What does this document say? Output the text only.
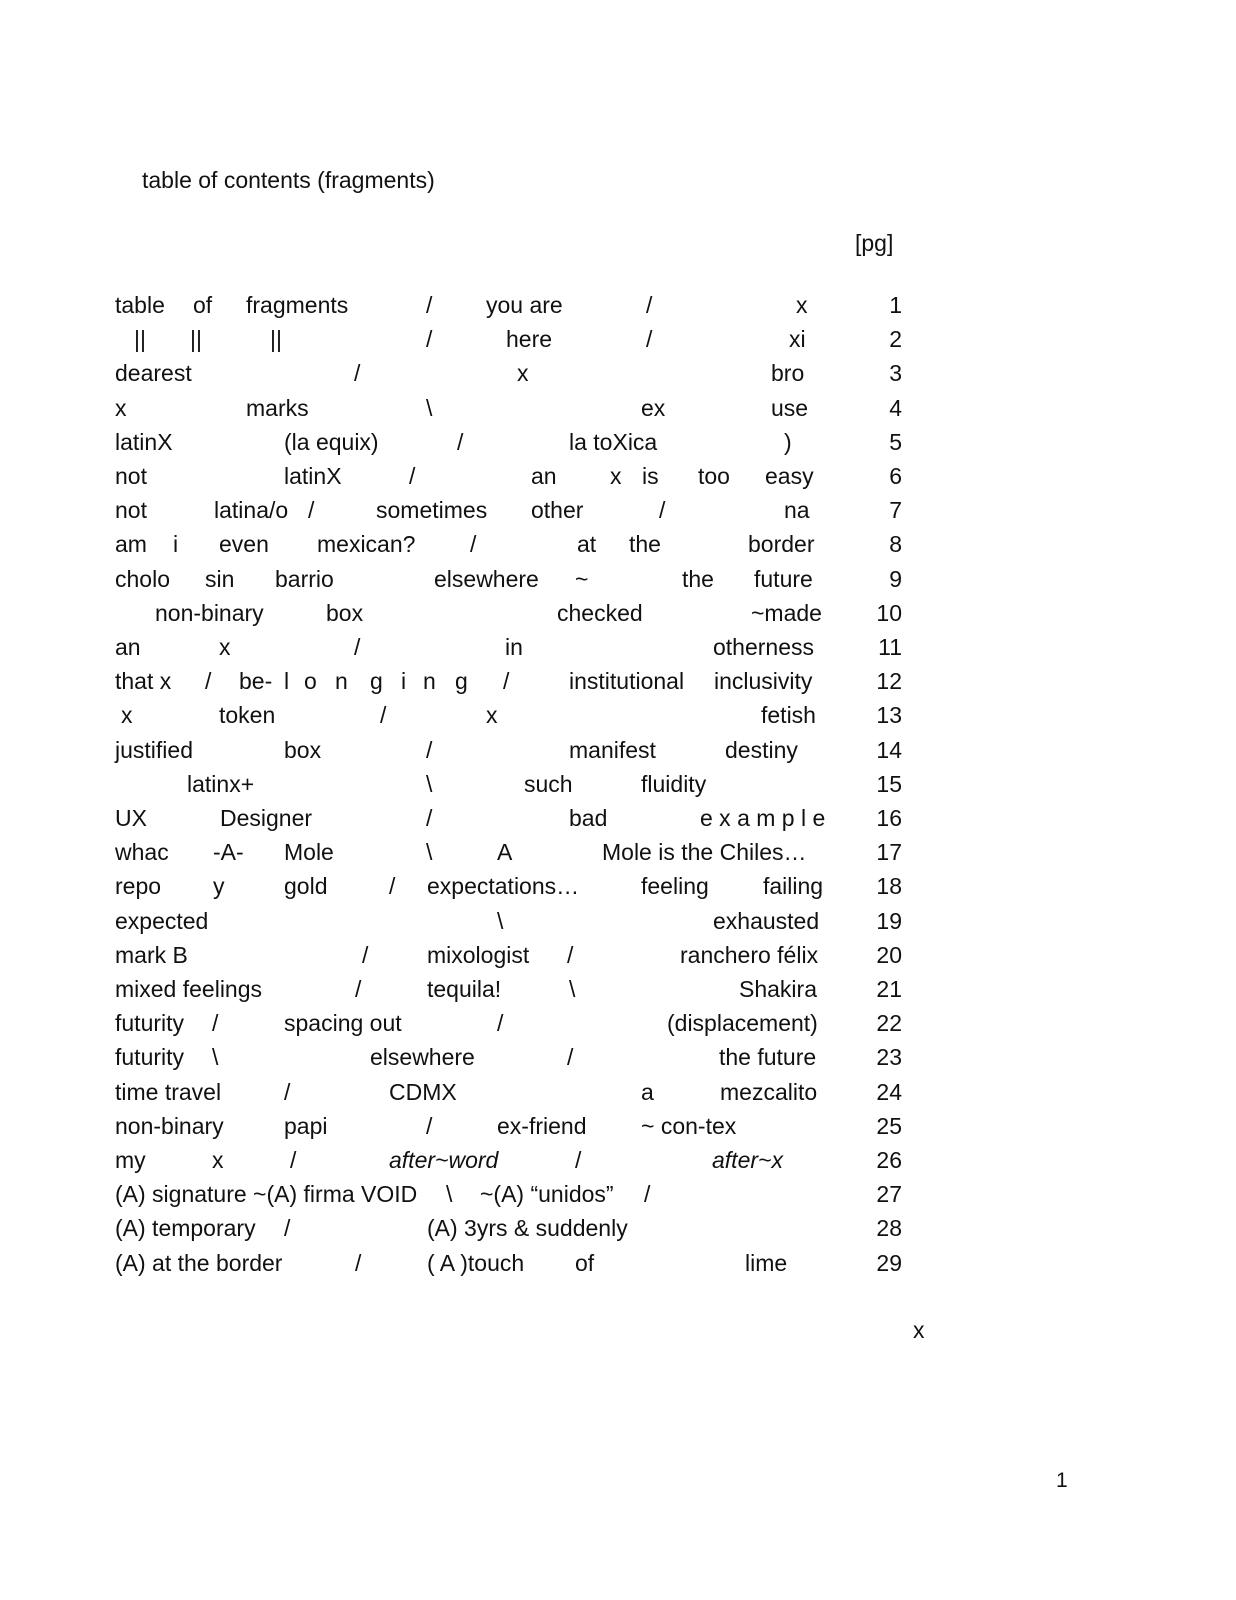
table of contents (fragments)
[pg]
table of fragments	/ you are	/	x	1
|| ||	||	/	here	/	xi	2
dearest	/	x	bro	3
x	marks	\	ex	use	4
latinX	(la equix)	/	la toXica	)	5
not	latinX	/	an x is too easy	6
not	latina/o /	sometimes other	/	na	7
am i even mexican? /	at the	border	8
cholo sin barrio	elsewhere ~	the future	9
non-binary	box	checked	~made 10
an	x	/	in	otherness	11
that x / be- l o n g i n g /	institutional inclusivity	12
x	token	/	x	fetish	13
justified	box	/	manifest	destiny	14
latinx+	\	such	fluidity	15
UX	Designer	/	bad	e x a m p l e 16
whac -A- Mole	\	A	Mole is the Chiles…	17
repo y	gold	/ expectations…	feeling failing 18
expected	\	exhausted 19
mark B	/	mixologist /	ranchero félix	20
mixed feelings	/	tequila!	\	Shakira	21
futurity /	spacing out	/	(displacement)	22
futurity \	elsewhere	/	the future	23
time travel	/	CDMX	a	mezcalito	24
non-binary	papi	/	ex-friend ~ con-tex	25
my	x	/	after~word	/	after~x	26
(A) signature ~(A) firma VOID \ ~(A) “unidos” /	27
(A) temporary /	(A) 3yrs & suddenly	28
(A) at the border	/	( A )touch of	lime	29
x
1
